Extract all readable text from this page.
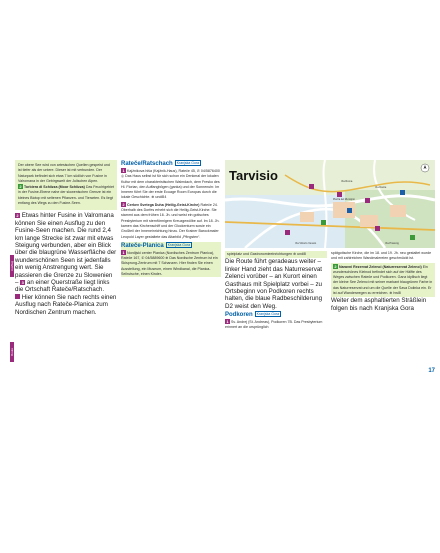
Der obere See wird von artesischen Quellen gespeist und ist tiefer als der untere. Dieser ist mit verbunden. Der Naturpark befindet sich etwa 7 km südlich von Fusine in Valromana in der Gebirgswelt der Julischen Alpen.
2 Torbiera di Schiizza (Moor Schiizza) Das Feuchtgebiet in der Fusine-Ebene nahe der slowenischen Grenze ist ein kleines Biotop mit seltenen Pflanzen- und Tierarten. Es liegt entlang des Wegs zu den Fusine-Seen.
2 Etwas hinter Fusine in Valromana können Sie einen Ausflug zu den Fusine-Seen machen. Die rund 2,4 km lange Strecke ist zwar mit etwas Steigung verbunden, aber ein Blick über die blaugrüne Wasserfläche der wunderschönen Seen ist jedenfalls ein wenig Anstrengung wert. Sie passieren die Grenze zu Slowenien – 3 an einer Querstraße liegt links die Ortschaft Rateče/Ratschach.
Hier können Sie nach rechts einen Ausflug nach Rateče-Planica zum Nordischen Zentrum machen.
Ausflug
Route
Rateče/Ratschach Kranjska Gora
1 Kajžnikova hiša (Kajžnik-Haus), Rateče 45, ✆ 04/5876400 ◎ Das Haus selbst ist für sich schon ein Denkmal der lokalen Kultur mit dem charakteristischen Walmdach, dem Fresko des Hl. Florian, den Auffangbögen (ganka) und der Sonnenuhr. Im Inneren führt Sie der erste Ecuage Room Europas durch die lokale Geschichte. ⊕ und⊞4
2 Cerkev Svetega Duha (Heilig-Geist-Kirche) Rateče 24. Oberhalb des Dorfes erhebt sich die Heilig-Geist-Kirche. Sie stammt aus dem frühen 16. Jh. und weist ein gotisches Presbyterium mit sternförmigem Kreuzgewölbe auf. Im 18. Jh. kamen das Kirchenschiff und der Glockenturm sowie ein Großteil der Inneneinrichtung hinzu. Der Krainer Barockmaler Leopold Layer gestaltete das Altarbild „Pfingsten“.
Rateče-Planica Kranjska Gora
1 Nordijski center Planica (Nordisches Zentrum Planica), Rateče 167, ✆ 04/5889600 ⊕ Das Nordische Zentrum ist ein Skisprung-Zentrum mit 7 Schanzen. Hier finden Sie einen Ausstellung, ein Museum, einen Windkanal, die Planica-Seilrutsche, einen Kinder-
Via Roma
Via Dante
Piazza del Municipio
Via Vittorio Veneto	Via Priesnig
Tarvisio
spielplatz und Gastronomieeinrichtungen ⊕ und⊞
Die Route führt geradeaus weiter – linker Hand zieht das Naturreservat Zelenci vorüber – an Kurort einen Gasthaus mit Spielplatz vorbei – zu Ortsbeginn von Podkoren rechts halten, die blaue Radbeschilderung D2 weist den Weg.
Podkoren Kranjska Gora
1 Sv. Andrej (St. Andreas), Podkoren 7B. Das Presbyterium erinnert an die ursprünglich
spätgotische Kirche, die im 18. und 19. Jh. neu gestaltet wurde und mit zahlreichen Wandmalereien geschmückt ist.
2 Naravni Rezervat Zelenci (Naturreservat Zelenci) Ein wunderschönes Kleinod befindet sich auf der Hälfte des Weges zwischen Rateče und Podkoren. Ganz idyllisch liegt der kleine See Zelenci mit seiner markant blaugrünen Farbe in das Naturreservat und um die Quelle der Sava Dolinka ein. Er ist auf Wanderwegen zu erreichen. ⊕ hw⊞
Weiter dem asphaltierten Sträßlein folgen bis nach Kranjska Gora
17
